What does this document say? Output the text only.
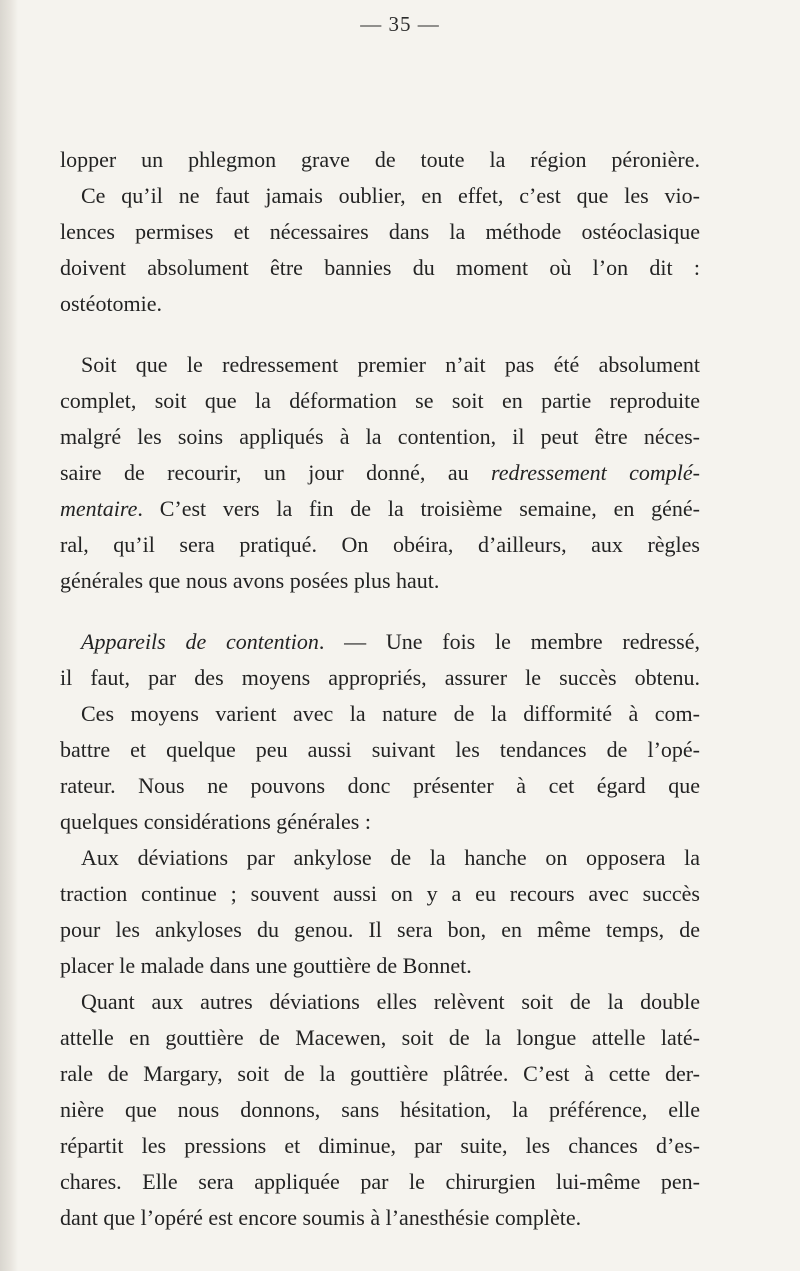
— 35 —
lopper un phlegmon grave de toute la région péronière.
Ce qu’il ne faut jamais oublier, en effet, c’est que les vio-
lences permises et nécessaires dans la méthode ostéoclasique
doivent absolument être bannies du moment où l’on dit :
ostéotomie.
Soit que le redressement premier n’ait pas été absolument
complet, soit que la déformation se soit en partie reproduite
malgré les soins appliqués à la contention, il peut être néces-
saire de recourir, un jour donné, au redressement complé-
mentaire. C’est vers la fin de la troisième semaine, en géné-
ral, qu’il sera pratiqué. On obéira, d’ailleurs, aux règles
générales que nous avons posées plus haut.
Appareils de contention. — Une fois le membre redressé,
il faut, par des moyens appropriés, assurer le succès obtenu.
Ces moyens varient avec la nature de la difformité à com-
battre et quelque peu aussi suivant les tendances de l’opé-
rateur. Nous ne pouvons donc présenter à cet égard que
quelques considérations générales :
Aux déviations par ankylose de la hanche on opposera la
traction continue ; souvent aussi on y a eu recours avec succès
pour les ankyloses du genou. Il sera bon, en même temps, de
placer le malade dans une gouttière de Bonnet.
Quant aux autres déviations elles relèvent soit de la double
attelle en gouttière de Macewen, soit de la longue attelle laté-
rale de Margary, soit de la gouttière plâtrée. C’est à cette der-
nière que nous donnons, sans hésitation, la préférence, elle
répartit les pressions et diminue, par suite, les chances d’es-
chares. Elle sera appliquée par le chirurgien lui-même pen-
dant que l’opéré est encore soumis à l’anesthésie complète.
